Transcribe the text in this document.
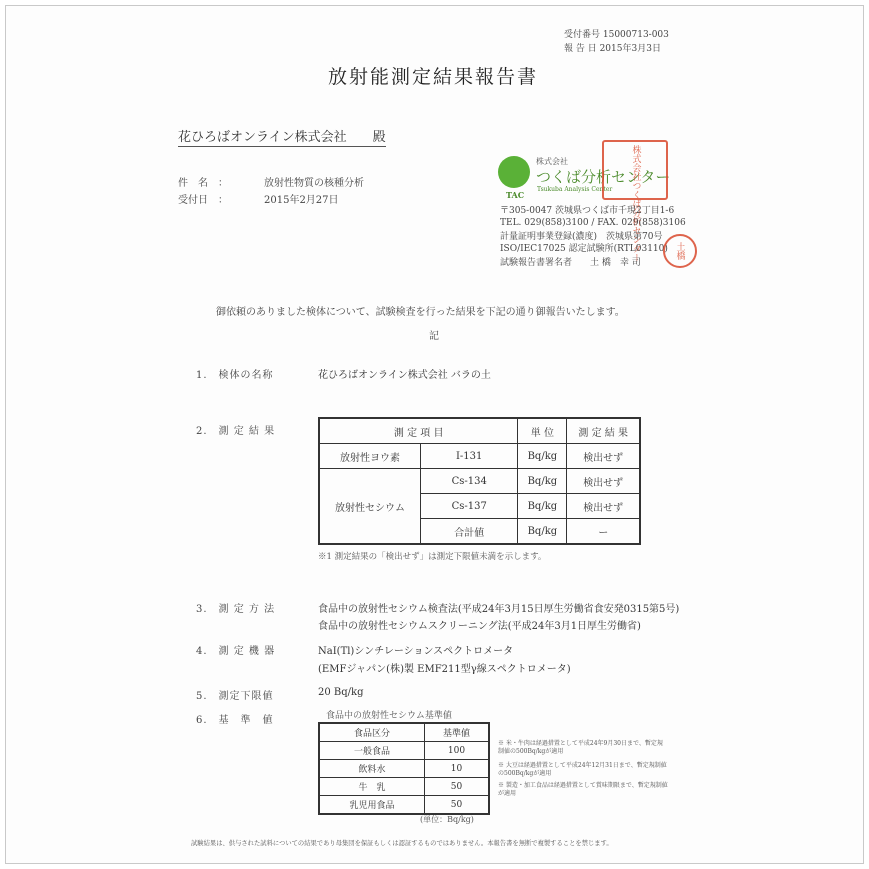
受付番号 15000713-003
報 告 日 2015年3月3日
放射能測定結果報告書
花ひろばオンライン株式会社　　殿
件　名　：	放射性物質の核種分析
受付日　：	2015年2月27日	TAC
株式会社
つくば分析センター
Tsukuba Analysis Center 株式会社つくば分析センター
〒305-0047 茨城県つくば市千現2丁目1-6
TEL. 029(858)3100 / FAX. 029(858)3106
計量証明事業登録(濃度)　茨城県第70号
ISO/IEC17025 認定試験所(RTL03110)
試験報告書署名者　　土 橋　幸 司
土橋
御依頼のありました検体について、試験検査を行った結果を下記の通り御報告いたします。
記
1.　検体の名称	花ひろばオンライン株式会社 バラの土
2.　測 定 結 果	測 定 項 目		単 位	測 定 結 果
放射性ヨウ素	I-131	Bq/kg	検出せず
放射性セシウム	Cs-134	Bq/kg	検出せず
	Cs-137	Bq/kg	検出せず
	合計値	Bq/kg	ー
※1 測定結果の「検出せず」は測定下限値未満を示します。
3.　測 定 方 法	食品中の放射性セシウム検査法(平成24年3月15日厚生労働省食安発0315第5号)
食品中の放射性セシウムスクリーニング法(平成24年3月1日厚生労働省)
4.　測 定 機 器	NaI(Tl)シンチレーションスペクトロメータ
(EMFジャパン(株)製 EMF211型γ線スペクトロメータ)
5.　測定下限値	20 Bq/kg
6.　基　準　値	食品中の放射性セシウム基準値
食品区分	基準値
一般食品	100
飲料水	10
牛　乳	50
乳児用食品	50
(単位：Bq/kg)
※ 米・牛肉は経過措置として平成24年9月30日まで、暫定規制値の500Bq/kgが適用
※ 大豆は経過措置として平成24年12月31日まで、暫定規制値の500Bq/kgが適用
※ 製造・加工食品は経過措置として賞味期限まで、暫定規制値が適用
試験結果は、供与された試料についての結果であり母集団を保証もしくは認証するものではありません。本報告書を無断で複製することを禁じます。
